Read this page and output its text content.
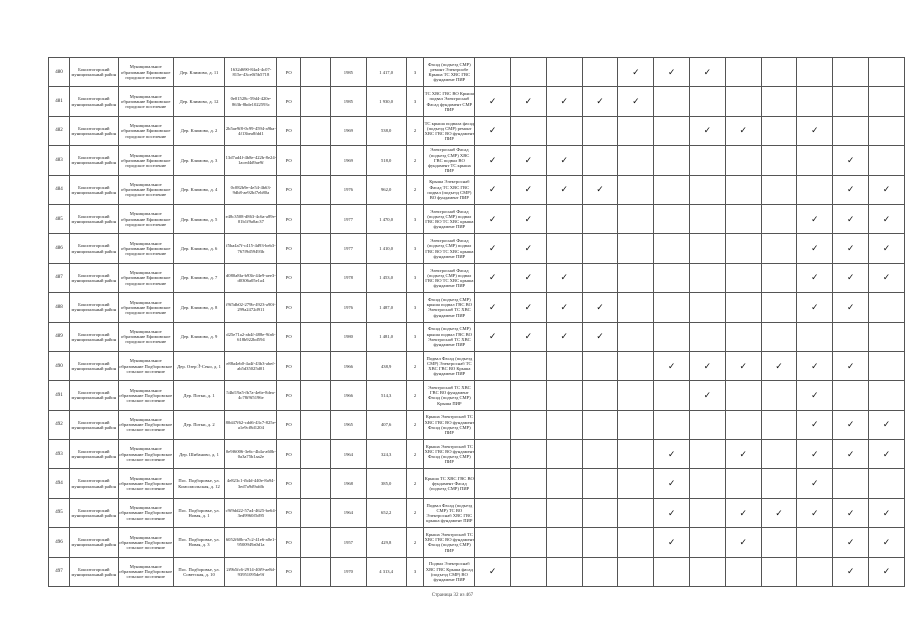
480	Бокситогорский муниципальный район	Муниципальное образование Ефимовское городское поселение	Дер. Климово, д. 11	1632d690-84a4-4c07-815e-43ce0f5b5718	РО		1985	1 417,0	3	Фасад (подъезд СМР) ремонт Электрообе Крыша ТС ХВС ГВС фундамент ПИР					✓	✓	✓					
481	Бокситогорский муниципальный район	Муниципальное образование Ефимовское городское поселение	Дер. Климово, д. 12	0e01528c-59d4-420e-863b-8bde1022593c	РО		1985	1 930,0	3	ТС ХВС ГВС ВО Крыша подвал Электроснаб Фасад фундамент СМР ПИР	✓	✓	✓	✓	✓							
482	Бокситогорский муниципальный район	Муниципальное образование Ефимовское городское поселение	Дер. Климово, д. 2	2b5ae9f8-0c99-4594-a9ba-4f13bea8fdd1	РО		1969	538,0	2	ТС крыша подвала фасад (подъезд СМР) ремонт ХВС ГВС ВО фундамент ПИР	✓						✓	✓		✓		
483	Бокситогорский муниципальный район	Муниципальное образование Ефимовское городское поселение	Дер. Климово, д. 3	13d7ad4f-4b8e-422b-8e24-1aced4d9ae9f	РО		1969	518,0	2	Электроснаб Фасад (подъезд СМР) ХВС ГВС подвал ВО фундамент ТС крыша ПИР	✓	✓	✓								✓	
484	Бокситогорский муниципальный район	Муниципальное образование Ефимовское городское поселение	Дер. Климово, д. 4	0c082b9e-4e54-4b63-9db8-ae92bf7eb80a	РО		1976	962,0	2	Крыша Электроснаб Фасад ТС ХВС ГВС подвал (подъезд СМР) ВО фундамент ПИР	✓	✓	✓	✓							✓	✓
485	Бокситогорский муниципальный район	Муниципальное образование Ефимовское городское поселение	Дер. Климово, д. 5	e48c3508-d863-4c6a-a89e-01b1f9a0ac37	РО		1977	1 470,0	3	Электроснаб Фасад (подъезд СМР) подвал ГВС ВО ТС ХВС крыша фундамент ПИР	✓	✓								✓	✓	✓
486	Бокситогорский муниципальный район	Муниципальное образование Ефимовское городское поселение	Дер. Климово, д. 6	f5ba4a7f-c415-4d93-beb3-767f9d59493b	РО		1977	1 410,0	3	Электроснаб Фасад (подъезд СМР) подвал ГВС ВО ТС ХВС крыша фундамент ПИР	✓	✓								✓	✓	✓
487	Бокситогорский муниципальный район	Муниципальное образование Ефимовское городское поселение	Дер. Климово, д. 7	d080a8fa-b93b-44e9-aee3-d0306a05e1a4	РО		1978	1 453,0	3	Электроснаб Фасад (подъезд СМР) подвал ГВС ВО ТС ХВС крыша фундамент ПИР	✓	✓	✓							✓	✓	✓
488	Бокситогорский муниципальный район	Муниципальное образование Ефимовское городское поселение	Дер. Климово, д. 8	f9f5db02-279b-4923-a90f-299a2472d911	РО		1976	1 487,0	3	Фасад (подъезд СМР) крыша подвал ГВС ВО Электроснаб ТС ХВС фундамент ПИР	✓	✓	✓	✓						✓	✓	
489	Бокситогорский муниципальный район	Муниципальное образование Ефимовское городское поселение	Дер. Климово, д. 9	d25e71a2-ab4f-488e-9fa6-618b922bd594	РО		1980	1 481,0	3	Фасад (подъезд СМР) крыша подвал ГВС ВО Электроснаб ТС ХВС фундамент ПИР	✓	✓	✓	✓								
490	Бокситогорский муниципальный район	Муниципальное образование Подборовское сельское поселение	Дер. Озерो-Сено, д. 1	e88a4eb0-4a4f-43b3-abef-ab5d35025d01	РО		1966	438,9	2	Подвал Фасад (подъезд СМР) Электроснаб ТС ХВС ГВС ВО Крыша фундамент ПИР						✓	✓	✓	✓	✓	✓	
491	Бокситогорский муниципальный район	Муниципальное образование Подборовское сельское поселение	Дер. Потки, д. 1	54bf19a5-fb7a-4e6e-8dea-4c78f9f5196e	РО		1966	514,3	2	Электроснаб ТС ХВС ГВС ВО фундамент Фасад (подъезд СМР) Крыша ПИР							✓			✓		
492	Бокситогорский муниципальный район	Муниципальное образование Подборовское сельское поселение	Дер. Потки, д. 2	80d47f62-cdd6-43c7-825e-a1e9cf8d1204	РО		1965	407,6	2	Крыша Электроснаб ТС ХВС ГВС ВО фундамент Фасад (подъезд СМР) ПИР										✓	✓	✓
493	Бокситогорский муниципальный район	Муниципальное образование Подборовское сельское поселение	Дер. Шибаново, д. 1	0e9f6006-3e6c-4b4a-a60b-0a3a75b1aa2e	РО		1964	324,3	2	Крыша Электроснаб ТС ХВС ГВС ВО фундамент Фасад (подъезд СМР) ПИР						✓		✓		✓	✓	✓
494	Бокситогорский муниципальный район	Муниципальное образование Подборовское сельское поселение	Пос. Подборовье, ул. Комсомольская, д. 12	4e823c1-fb4d-440e-8a94-3ed7a9d9afdb	РО		1968	385,0	2	Крыша ТС ХВС ГВС ВО фундамент Фасад (подъезд СМР) ПИР						✓				✓		
495	Бокситогорский муниципальный район	Муниципальное образование Подборовское сельское поселение	Пос. Подборовье, ул. Новая, д. 1	c9f9dd22-57a4-4625-be64-3ed9960f5d95	РО		1964	652,2	2	Подвал Фасад (подъезд СМР) ТС ВО Электроснаб ХВС ГВС крыша фундамент ПИР						✓		✓	✓	✓	✓	✓
496	Бокситогорский муниципальный район	Муниципальное образование Подборовское сельское поселение	Пос. Подборовье, ул. Новая, д. 3	6052f60b-a7c2-41e6-a0e1-9500949a0d1a	РО		1957	429,8	2	Крыша Электроснаб ТС ХВС ГВС ВО фундамент Фасад (подъезд СМР) ПИР						✓		✓			✓	✓
497	Бокситогорский муниципальный район	Муниципальное образование Подборовское сельское поселение	Пос. Подборовье, ул. Советская, д. 10	2f9b5fc6-2914-40f9-ae8d-93951095de9f	РО		1970	4 313,4	3	Подвал Электроснаб ХВС ГВС Крыша фасад (подъезд СМР) ВО фундамент ПИР	✓										✓	✓
Страница 32 из 467
